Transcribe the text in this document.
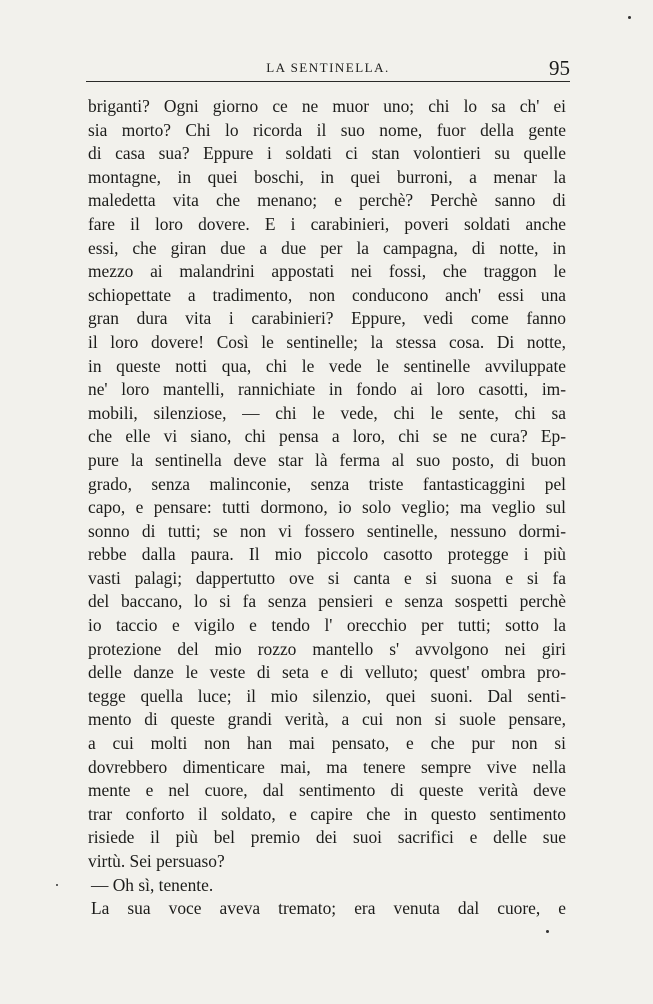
LA SENTINELLA.	95
briganti? Ogni giorno ce ne muor uno; chi lo sa ch' ei
sia morto? Chi lo ricorda il suo nome, fuor della gente
di casa sua? Eppure i soldati ci stan volontieri su quelle
montagne, in quei boschi, in quei burroni, a menar la
maledetta vita che menano; e perchè? Perchè sanno di
fare il loro dovere. E i carabinieri, poveri soldati anche
essi, che giran due a due per la campagna, di notte, in
mezzo ai malandrini appostati nei fossi, che traggon le
schiopettate a tradimento, non conducono anch' essi una
gran dura vita i carabinieri? Eppure, vedi come fanno
il loro dovere! Così le sentinelle; la stessa cosa. Di notte,
in queste notti qua, chi le vede le sentinelle avviluppate
ne' loro mantelli, rannichiate in fondo ai loro casotti, im-
mobili, silenziose, — chi le vede, chi le sente, chi sa
che elle vi siano, chi pensa a loro, chi se ne cura? Ep-
pure la sentinella deve star là ferma al suo posto, di buon
grado, senza malinconie, senza triste fantasticaggini pel
capo, e pensare: tutti dormono, io solo veglio; ma veglio sul
sonno di tutti; se non vi fossero sentinelle, nessuno dormi-
rebbe dalla paura. Il mio piccolo casotto protegge i più
vasti palagi; dappertutto ove si canta e si suona e si fa
del baccano, lo si fa senza pensieri e senza sospetti perchè
io taccio e vigilo e tendo l' orecchio per tutti; sotto la
protezione del mio rozzo mantello s' avvolgono nei giri
delle danze le veste di seta e di velluto; quest' ombra pro-
tegge quella luce; il mio silenzio, quei suoni. Dal senti-
mento di queste grandi verità, a cui non si suole pensare,
a cui molti non han mai pensato, e che pur non si
dovrebbero dimenticare mai, ma tenere sempre vive nella
mente e nel cuore, dal sentimento di queste verità deve
trar conforto il soldato, e capire che in questo sentimento
risiede il più bel premio dei suoi sacrifici e delle sue
virtù. Sei persuaso?
— Oh sì, tenente.
La sua voce aveva tremato; era venuta dal cuore, e
